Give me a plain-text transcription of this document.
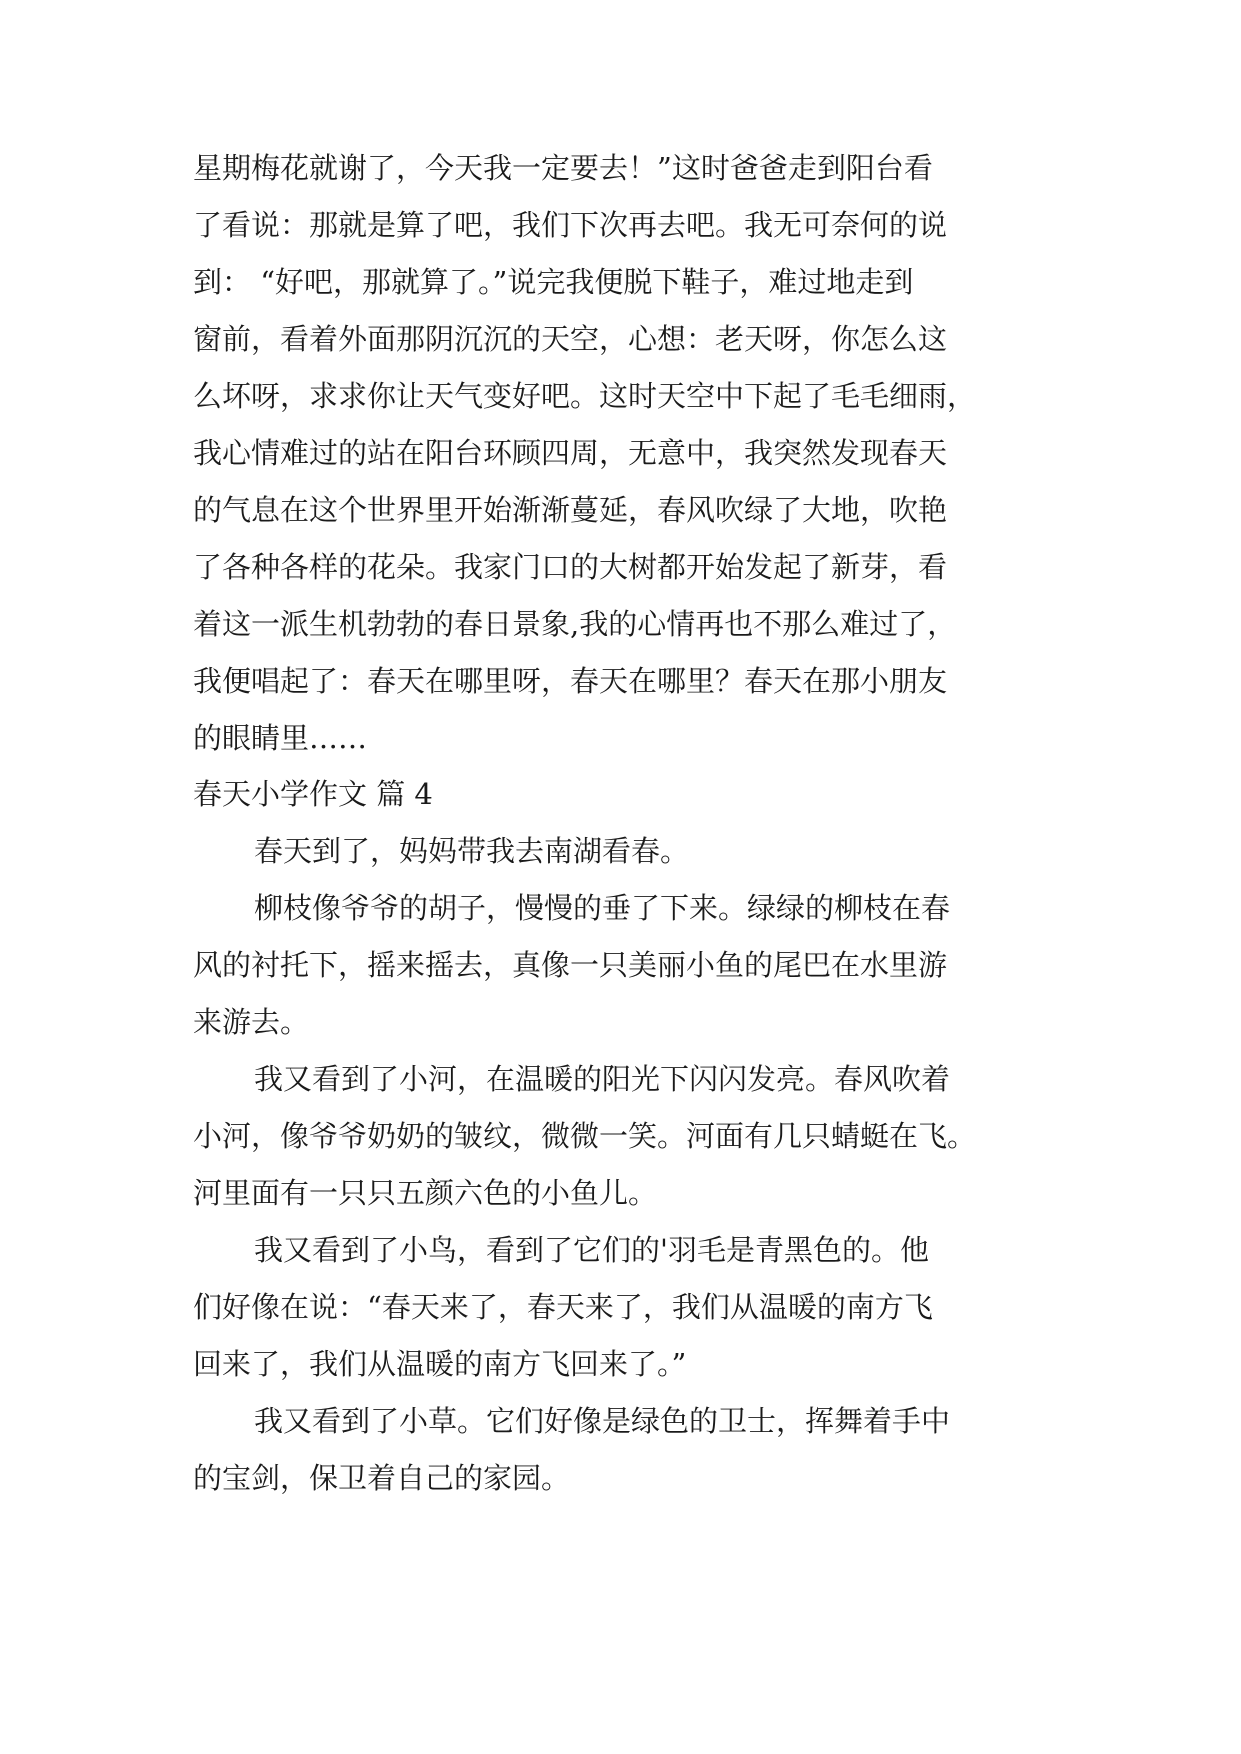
星期梅花就谢了，今天我一定要去！”这时爸爸走到阳台看
了看说：那就是算了吧，我们下次再去吧。我无可奈何的说
到： “好吧，那就算了。”说完我便脱下鞋子，难过地走到
窗前，看着外面那阴沉沉的天空，心想：老天呀，你怎么这
么坏呀，求求你让天气变好吧。这时天空中下起了毛毛细雨，
我心情难过的站在阳台环顾四周，无意中，我突然发现春天
的气息在这个世界里开始渐渐蔓延，春风吹绿了大地，吹艳
了各种各样的花朵。我家门口的大树都开始发起了新芽，看
着这一派生机勃勃的春日景象,我的心情再也不那么难过了，
我便唱起了：春天在哪里呀，春天在哪里？春天在那小朋友
的眼睛里……
春天小学作文 篇 4
春天到了，妈妈带我去南湖看春。
柳枝像爷爷的胡子，慢慢的垂了下来。绿绿的柳枝在春
风的衬托下，摇来摇去，真像一只美丽小鱼的尾巴在水里游
来游去。
我又看到了小河，在温暖的阳光下闪闪发亮。春风吹着
小河，像爷爷奶奶的皱纹，微微一笑。河面有几只蜻蜓在飞。
河里面有一只只五颜六色的小鱼儿。
我又看到了小鸟，看到了它们的'羽毛是青黑色的。他
们好像在说：“春天来了，春天来了，我们从温暖的南方飞
回来了，我们从温暖的南方飞回来了。”
我又看到了小草。它们好像是绿色的卫士，挥舞着手中
的宝剑，保卫着自己的家园。
